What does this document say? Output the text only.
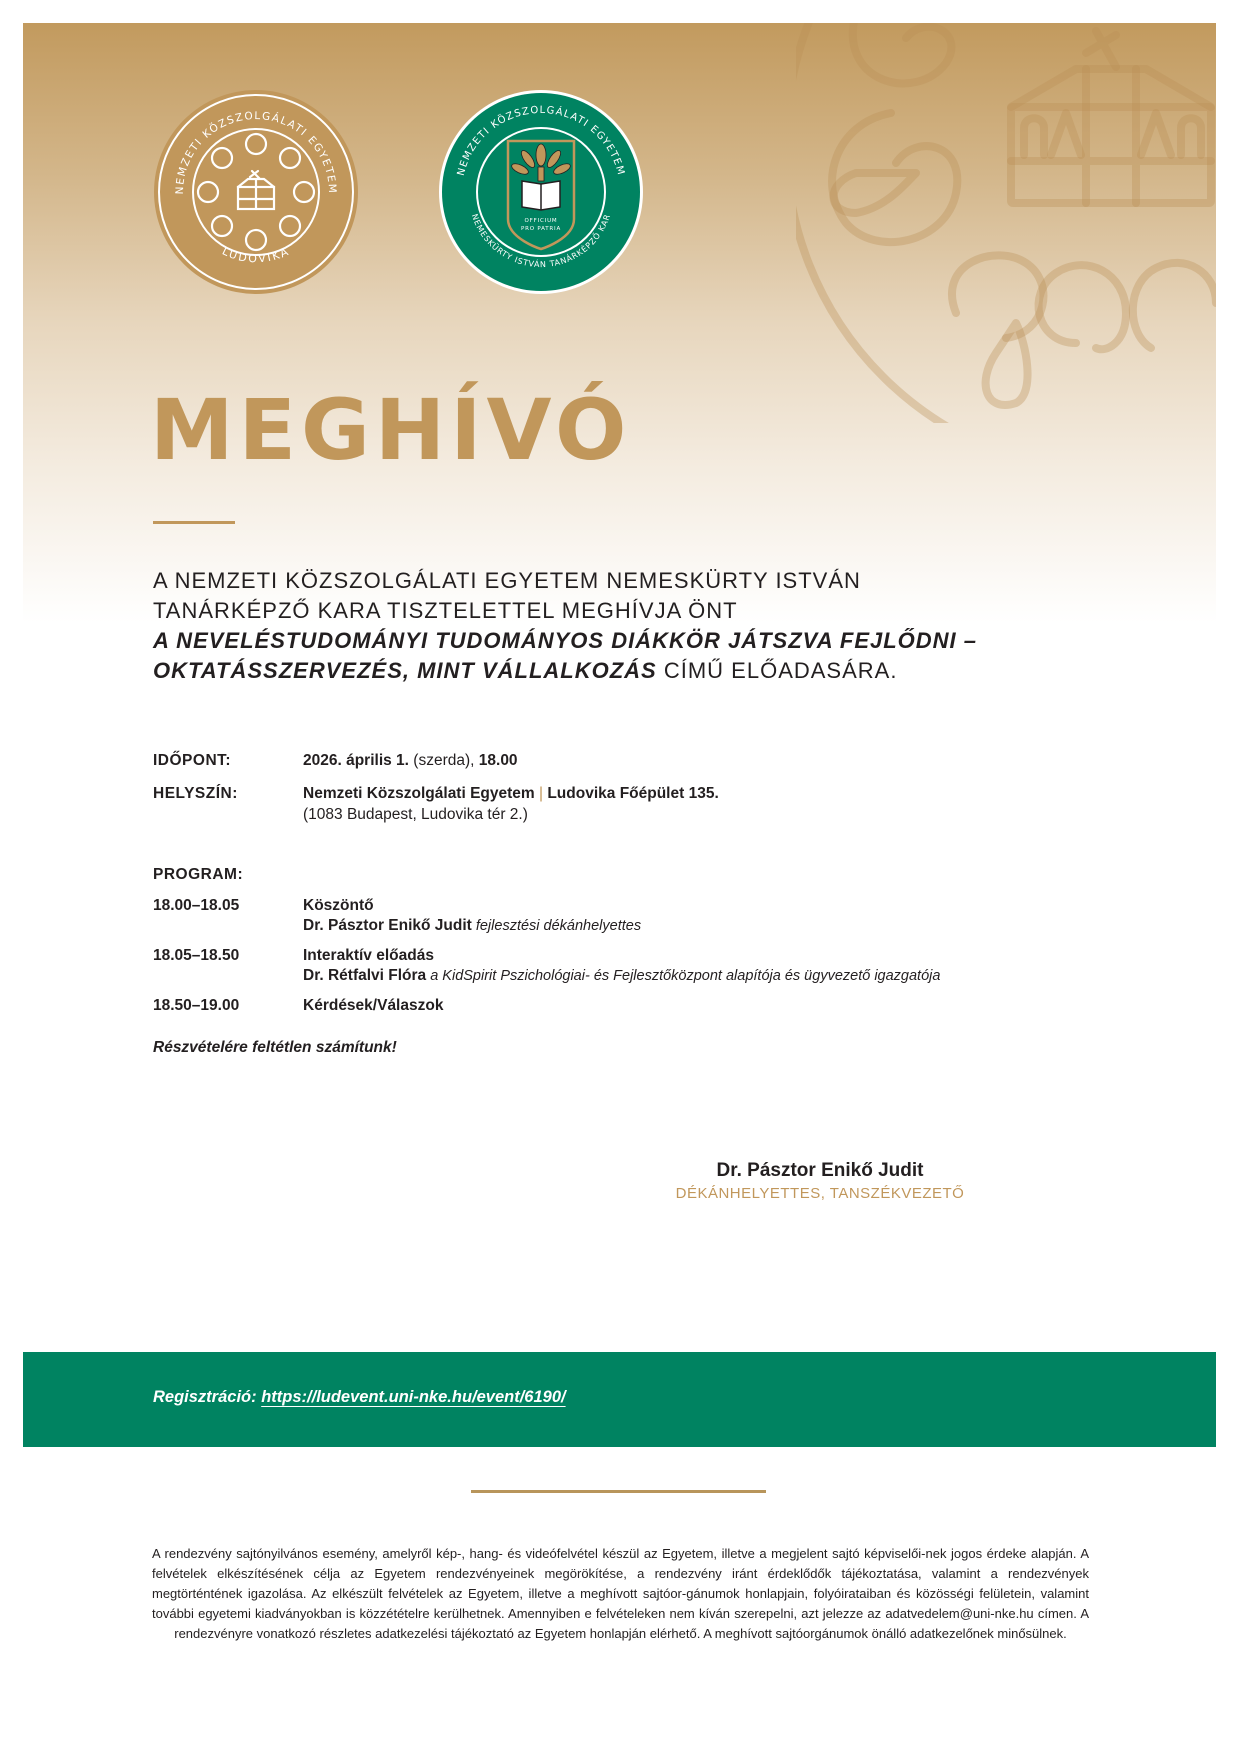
NEMZETI KÖZSZOLGÁLATI EGYETEM
LUDOVIKA
OFFICIUM
PRO PATRIA
NEMZETI KÖZSZOLGÁLATI EGYETEM
NEMESKÜRTY ISTVÁN TANÁRKÉPZŐ KAR
MEGHÍVÓ
A NEMZETI KÖZSZOLGÁLATI EGYETEM NEMESKÜRTY ISTVÁN
TANÁRKÉPZŐ KARA TISZTELETTEL MEGHÍVJA ÖNT
A NEVELÉSTUDOMÁNYI TUDOMÁNYOS DIÁKKÖR JÁTSZVA FEJLŐDNI –
OKTATÁSSZERVEZÉS, MINT VÁLLALKOZÁS CÍMŰ ELŐADASÁRA.
IDŐPONT:	2026. április 1. (szerda), 18.00
HELYSZÍN:	Nemzeti Közszolgálati Egyetem | Ludovika Főépület 135.
(1083 Budapest, Ludovika tér 2.)
PROGRAM:
18.00–18.05	Köszöntő
Dr. Pásztor Enikő Judit fejlesztési dékánhelyettes
18.05–18.50	Interaktív előadás
Dr. Rétfalvi Flóra a KidSpirit Pszichológiai- és Fejlesztőközpont alapítója és ügyvezető igazgatója
18.50–19.00	Kérdések/Válaszok
Részvételére feltétlen számítunk!
Dr. Pásztor Enikő Judit
DÉKÁNHELYETTES, TANSZÉKVEZETŐ
Regisztráció: https://ludevent.uni-nke.hu/event/6190/

A rendezvény sajtónyilvános esemény, amelyről kép-, hang- és videófelvétel készül az Egyetem, illetve a megjelent sajtó képviselői-nek jogos érdeke alapján. A felvételek elkészítésének célja az Egyetem rendezvényeinek megörökítése, a rendezvény iránt érdeklődők tájékoztatása, valamint a rendezvények megtörténtének igazolása. Az elkészült felvételek az Egyetem, illetve a meghívott sajtóor-gánumok honlapjain, folyóirataiban és közösségi felületein, valamint további egyetemi kiadványokban is közzétételre kerülhetnek. Amennyiben e felvételeken nem kíván szerepelni, azt jelezze az adatvedelem@uni-nke.hu címen. A rendezvényre vonatkozó részletes adatkezelési tájékoztató az Egyetem honlapján elérhető. A meghívott sajtóorgánumok önálló adatkezelőnek minősülnek.
